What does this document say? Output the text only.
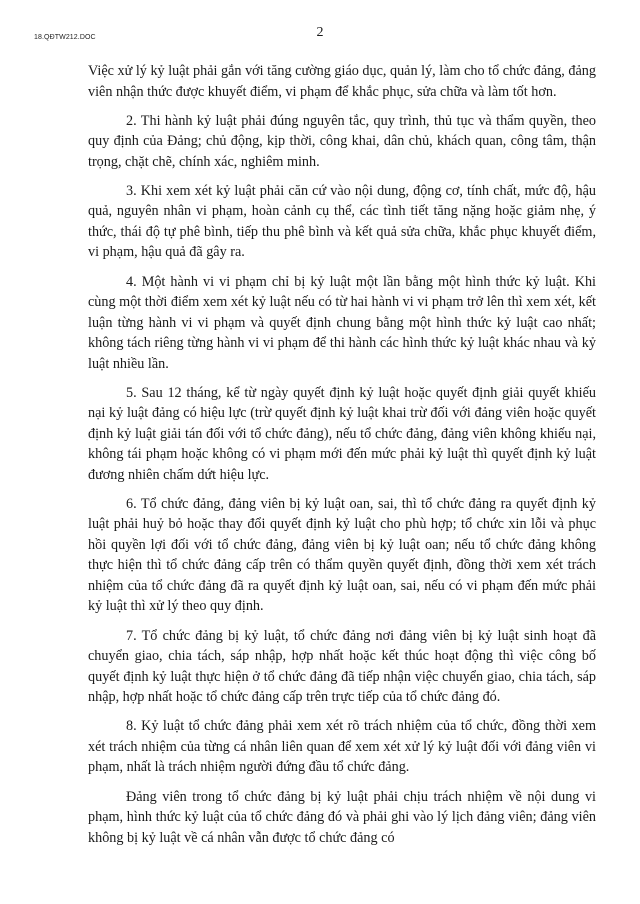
18.QĐTW212.DOC	2

Việc xử lý kỷ luật phải gắn với tăng cường giáo dục, quản lý, làm cho tổ chức đảng, đảng viên nhận thức được khuyết điểm, vi phạm để khắc phục, sửa chữa và làm tốt hơn.

2. Thi hành kỷ luật phải đúng nguyên tắc, quy trình, thủ tục và thẩm quyền, theo quy định của Đảng; chủ động, kịp thời, công khai, dân chủ, khách quan, công tâm, thận trọng, chặt chẽ, chính xác, nghiêm minh.

3. Khi xem xét kỷ luật phải căn cứ vào nội dung, động cơ, tính chất, mức độ, hậu quả, nguyên nhân vi phạm, hoàn cảnh cụ thể, các tình tiết tăng nặng hoặc giảm nhẹ, ý thức, thái độ tự phê bình, tiếp thu phê bình và kết quả sửa chữa, khắc phục khuyết điểm, vi phạm, hậu quả đã gây ra.

4. Một hành vi vi phạm chỉ bị kỷ luật một lần bằng một hình thức kỷ luật. Khi cùng một thời điểm xem xét kỷ luật nếu có từ hai hành vi vi phạm trở lên thì xem xét, kết luận từng hành vi vi phạm và quyết định chung bằng một hình thức kỷ luật cao nhất; không tách riêng từng hành vi vi phạm để thi hành các hình thức kỷ luật khác nhau và kỷ luật nhiều lần.

5. Sau 12 tháng, kể từ ngày quyết định kỷ luật hoặc quyết định giải quyết khiếu nại kỷ luật đảng có hiệu lực (trừ quyết định kỷ luật khai trừ đối với đảng viên hoặc quyết định kỷ luật giải tán đối với tổ chức đảng), nếu tổ chức đảng, đảng viên không khiếu nại, không tái phạm hoặc không có vi phạm mới đến mức phải kỷ luật thì quyết định kỷ luật đương nhiên chấm dứt hiệu lực.

6. Tổ chức đảng, đảng viên bị kỷ luật oan, sai, thì tổ chức đảng ra quyết định kỷ luật phải huỷ bỏ hoặc thay đổi quyết định kỷ luật cho phù hợp; tổ chức xin lỗi và phục hồi quyền lợi đối với tổ chức đảng, đảng viên bị kỷ luật oan; nếu tổ chức đảng không thực hiện thì tổ chức đảng cấp trên có thẩm quyền quyết định, đồng thời xem xét trách nhiệm của tổ chức đảng đã ra quyết định kỷ luật oan, sai, nếu có vi phạm đến mức phải kỷ luật thì xử lý theo quy định.

7. Tổ chức đảng bị kỷ luật, tổ chức đảng nơi đảng viên bị kỷ luật sinh hoạt đã chuyển giao, chia tách, sáp nhập, hợp nhất hoặc kết thúc hoạt động thì việc công bố quyết định kỷ luật thực hiện ở tổ chức đảng đã tiếp nhận việc chuyển giao, chia tách, sáp nhập, hợp nhất hoặc tổ chức đảng cấp trên trực tiếp của tổ chức đảng đó.

8. Kỷ luật tổ chức đảng phải xem xét rõ trách nhiệm của tổ chức, đồng thời xem xét trách nhiệm của từng cá nhân liên quan để xem xét xử lý kỷ luật đối với đảng viên vi phạm, nhất là trách nhiệm người đứng đầu tổ chức đảng.

Đảng viên trong tổ chức đảng bị kỷ luật phải chịu trách nhiệm về nội dung vi phạm, hình thức kỷ luật của tổ chức đảng đó và phải ghi vào lý lịch đảng viên; đảng viên không bị kỷ luật về cá nhân vẫn được tổ chức đảng có
